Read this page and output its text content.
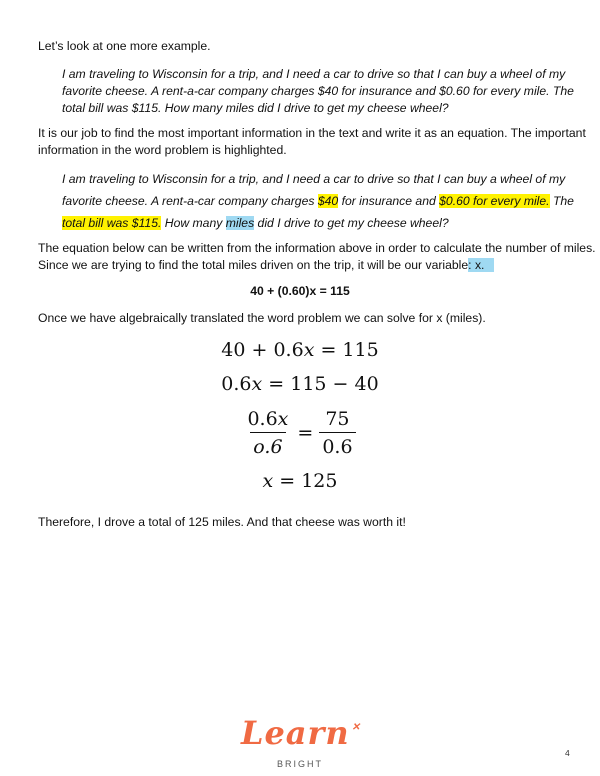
Let’s look at one more example.
I am traveling to Wisconsin for a trip, and I need a car to drive so that I can buy a wheel of my
favorite cheese. A rent-a-car company charges $40 for insurance and $0.60 for every mile. The
total bill was $115. How many miles did I drive to get my cheese wheel?
It is our job to find the most important information in the text and write it as an equation. The important
information in the word problem is highlighted.
I am traveling to Wisconsin for a trip, and I need a car to drive so that I can buy a wheel of my
favorite cheese. A rent-a-car company charges $40 for insurance and $0.60 for every mile. The
total bill was $115. How many miles did I drive to get my cheese wheel?
The equation below can be written from the information above in order to calculate the number of miles.
Since we are trying to find the total miles driven on the trip, it will be our variable: x.
40 + (0.60)x = 115
Once we have algebraically translated the word problem we can solve for x (miles).
40 + 0.6x = 115
0.6x = 115 − 40
$\frac{0.6x}{o.6} = \frac{75}{0.6}$
x = 125
Therefore, I drove a total of 125 miles. And that cheese was worth it!
Learn ✕
BRIGHT
4
